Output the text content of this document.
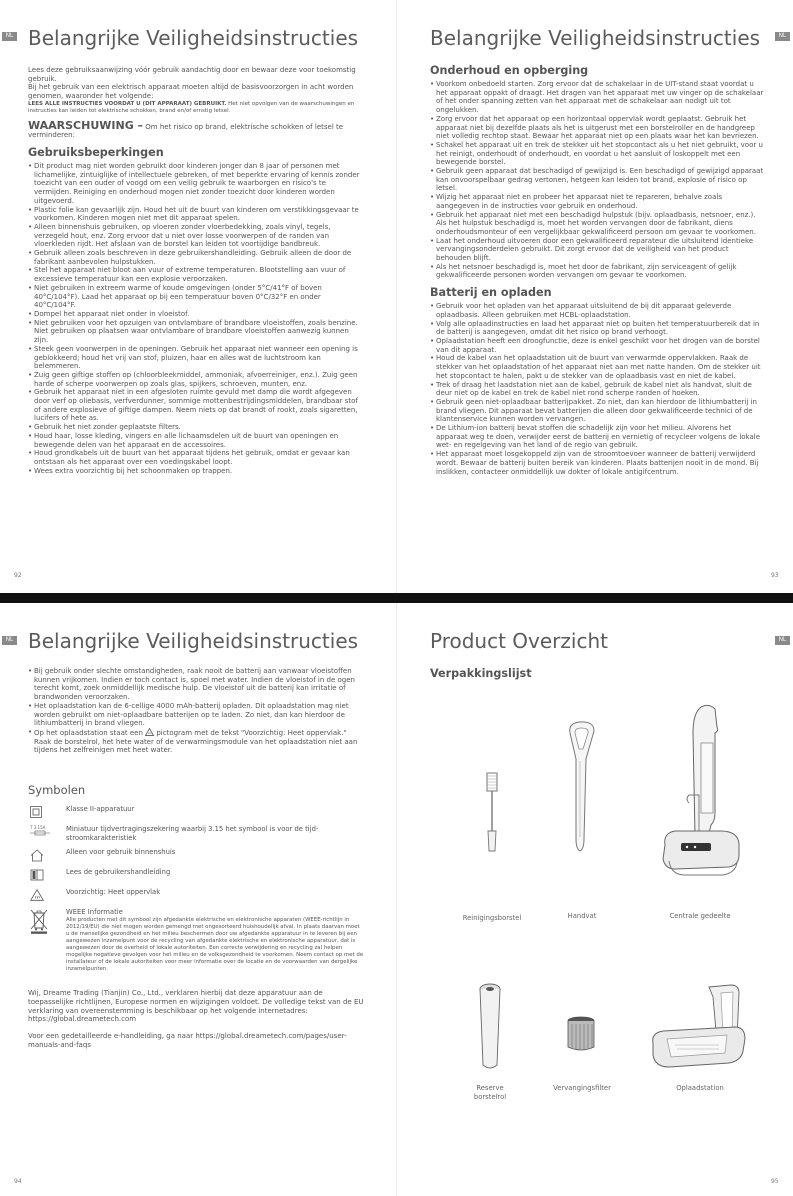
NL Belangrijke Veiligheidsinstructies

Lees deze gebruiksaanwijzing vóór gebruik aandachtig door en bewaar deze voor toekomstig gebruik.

Bij het gebruik van een elektrisch apparaat moeten altijd de basisvoorzorgen in acht worden genomen, waaronder het volgende:

LEES ALLE INSTRUCTIES VOORDAT U (DIT APPARAAT) GEBRUIKT. Het niet opvolgen van de waarschuwingen en instructies kan leiden tot elektrische schokken, brand en/of ernstig letsel.

WAARSCHUWING – Om het risico op brand, elektrische schokken of letsel te verminderen:

Gebruiksbeperkingen

• Dit product mag niet worden gebruikt door kinderen jonger dan 8 jaar of personen met lichamelijke, zintuiglijke of intellectuele gebreken, of met beperkte ervaring of kennis zonder toezicht van een ouder of voogd om een veilig gebruik te waarborgen en risico's te vermijden. Reiniging en onderhoud mogen niet zonder toezicht door kinderen worden uitgevoerd.
• Plastic folie kan gevaarlijk zijn. Houd het uit de buurt van kinderen om verstikkingsgevaar te voorkomen. Kinderen mogen niet met dit apparaat spelen.
• Alleen binnenshuis gebruiken, op vloeren zonder vloerbedekking, zoals vinyl, tegels, verzegeld hout, enz. Zorg ervoor dat u niet over losse voorwerpen of de randen van vloerkleden rijdt. Het afslaan van de borstel kan leiden tot voortijdige bandbreuk.
• Gebruik alleen zoals beschreven in deze gebruikershandleiding. Gebruik alleen de door de fabrikant aanbevolen hulpstukken.
• Stel het apparaat niet bloot aan vuur of extreme temperaturen. Blootstelling aan vuur of excessieve temperatuur kan een explosie veroorzaken.
• Niet gebruiken in extreem warme of koude omgevingen (onder 5°C/41°F of boven 40°C/104°F). Laad het apparaat op bij een temperatuur boven 0°C/32°F en onder 40°C/104°F.
• Dompel het apparaat niet onder in vloeistof.
• Niet gebruiken voor het opzuigen van ontvlambare of brandbare vloeistoffen, zoals benzine. Niet gebruiken op plaatsen waar ontvlambare of brandbare vloeistoffen aanwezig kunnen zijn.
• Steek geen voorwerpen in de openingen. Gebruik het apparaat niet wanneer een opening is geblokkeerd; houd het vrij van stof, pluizen, haar en alles wat de luchtstroom kan belemmeren.
• Zuig geen giftige stoffen op (chloorbleekmiddel, ammoniak, afvoerreiniger, enz.). Zuig geen harde of scherpe voorwerpen op zoals glas, spijkers, schroeven, munten, enz.
• Gebruik het apparaat niet in een afgesloten ruimte gevuld met damp die wordt afgegeven door verf op oliebasis, verfverdunner, sommige mottenbestrijdingsmiddelen, brandbaar stof of andere explosieve of giftige dampen. Neem niets op dat brandt of rookt, zoals sigaretten, lucifers of hete as.
• Gebruik het niet zonder geplaatste filters.
• Houd haar, losse kleding, vingers en alle lichaamsdelen uit de buurt van openingen en bewegende delen van het apparaat en de accessoires.
• Houd grondkabels uit de buurt van het apparaat tijdens het gebruik, omdat er gevaar kan ontstaan als het apparaat over een voedingskabel loopt.
• Wees extra voorzichtig bij het schoonmaken op trappen.
92
NL
Belangrijke Veiligheidsinstructies

Onderhoud en opberging

• Voorkom onbedoeld starten. Zorg ervoor dat de schakelaar in de UIT-stand staat voordat u het apparaat oppakt of draagt. Het dragen van het apparaat met uw vinger op de schakelaar of het onder spanning zetten van het apparaat met de schakelaar aan nodigt uit tot ongelukken.
• Zorg ervoor dat het apparaat op een horizontaal oppervlak wordt geplaatst. Gebruik het apparaat niet bij dezelfde plaats als het is uitgerust met een borstelroller en de handgreep niet volledig rechtop staat. Bewaar het apparaat niet op een plaats waar het kan bevriezen.
• Schakel het apparaat uit en trek de stekker uit het stopcontact als u het niet gebruikt, voor u het reinigt, onderhoudt of onderhoudt, en voordat u het aansluit of loskoppelt met een bewegende borstel.
• Gebruik geen apparaat dat beschadigd of gewijzigd is. Een beschadigd of gewijzigd apparaat kan onvoorspelbaar gedrag vertonen, hetgeen kan leiden tot brand, explosie of risico op letsel.
• Wijzig het apparaat niet en probeer het apparaat niet te repareren, behalve zoals aangegeven in de instructies voor gebruik en onderhoud.
• Gebruik het apparaat niet met een beschadigd hulpstuk (bijv. oplaadbasis, netsnoer, enz.). Als het hulpstuk beschadigd is, moet het worden vervangen door de fabrikant, diens onderhoudsmonteur of een vergelijkbaar gekwalificeerd persoon om gevaar te voorkomen.
• Laat het onderhoud uitvoeren door een gekwalificeerd reparateur die uitsluitend identieke vervangingsonderdelen gebruikt. Dit zorgt ervoor dat de veiligheid van het product behouden blijft.
• Als het netsnoer beschadigd is, moet het door de fabrikant, zijn serviceagent of gelijk gekwalificeerde personen worden vervangen om gevaar te voorkomen.

Batterij en opladen

• Gebruik voor het opladen van het apparaat uitsluitend de bij dit apparaat geleverde oplaadbasis. Alleen gebruiken met HCBL-oplaadstation.
• Volg alle oplaadinstructies en laad het apparaat niet op buiten het temperatuurbereik dat in de batterij is aangegeven, omdat dit het risico op brand verhoogt.
• Oplaadstation heeft een droogfunctie, deze is enkel geschikt voor het drogen van de borstel van dit apparaat.
• Houd de kabel van het oplaadstation uit de buurt van verwarmde oppervlakken. Raak de stekker van het oplaadstation of het apparaat niet aan met natte handen. Om de stekker uit het stopcontact te halen, pakt u de stekker van de oplaadbasis vast en niet de kabel.
• Trek of draag het laadstation niet aan de kabel, gebruik de kabel niet als handvat, sluit de deur niet op de kabel en trek de kabel niet rond scherpe randen of hoeken.
• Gebruik geen niet-oplaadbaar batterijpakket. Zo niet, dan kan hierdoor de lithiumbatterij in brand vliegen. Dit apparaat bevat batterijen die alleen door gekwalificeerde technici of de klantenservice kunnen worden vervangen.
• De Lithium-ion batterij bevat stoffen die schadelijk zijn voor het milieu. Alvorens het apparaat weg te doen, verwijder eerst de batterij en vernietig of recycleer volgens de lokale wet- en regelgeving van het land of de regio van gebruik.
• Het apparaat moet losgekoppeld zijn van de stroomtoevoer wanneer de batterij verwijderd wordt. Bewaar de batterij buiten bereik van kinderen. Plaats batterijen nooit in de mond. Bij inslikken, contacteer onmiddellijk uw dokter of lokale antigifcentrum.
93
NL Belangrijke Veiligheidsinstructies
• Bij gebruik onder slechte omstandigheden, raak nooit de batterij aan vanwaar vloeistoffen kunnen vrijkomen. Indien er toch contact is, spoel met water. Indien de vloeistof in de ogen terecht komt, zoek onmiddellijk medische hulp. De vloeistof uit de batterij kan irritatie of brandwonden veroorzaken.
• Het oplaadstation kan de 6-cellige 4000 mAh-batterij opladen. Dit oplaadstation mag niet worden gebruikt om niet-oplaadbare batterijen op te laden. Zo niet, dan kan hierdoor de lithiumbatterij in brand vliegen.
• Op het oplaadstation staat een  pictogram met de tekst "Voorzichtig: Heet oppervlak." Raak de borstelrol, het hete water of de verwarmingsmodule van het oplaadstation niet aan tijdens het zelfreinigen met heet water.

Symbolen

Klasse II-apparatuur
T 3.15A	Miniatuur tijdvertragingszekering waarbij 3.15 het symbool is voor de tijd-stroomkarakteristiek
Alleen voor gebruik binnenshuis
Lees de gebruikershandleiding
Voorzichtig: Heet oppervlak
WEEE Informatie
Alle producten met dit symbool zijn afgedankte elektrische en elektronische apparaten (WEEE-richtlijn in 2012/19/EU) die niet mogen worden gemengd met ongesorteerd huishoudelijk afval. In plaats daarvan moet u de menselijke gezondheid en het milieu beschermen door uw afgedankte apparatuur in te leveren bij een aangewezen inzamelpunt voor de recycling van afgedankte elektrische en elektronische apparatuur, dat is aangewezen door de overheid of lokale autoriteiten. Een correcte verwijdering en recycling zal helpen mogelijke negatieve gevolgen voor het milieu en de volksgezondheid te voorkomen. Neem contact op met de installateur of de lokale autoriteiten voor meer informatie over de locatie en de voorwaarden van dergelijke inzamelpunten.

Wij, Dreame Trading (Tianjin) Co., Ltd., verklaren hierbij dat deze apparatuur aan de toepasselijke richtlijnen, Europese normen en wijzigingen voldoet. De volledige tekst van de EU verklaring van overeenstemming is beschikbaar op het volgende internetadres: https://global.dreametech.com

Voor een gedetailleerde e-handleiding, ga naar https://global.dreametech.com/pages/user-manuals-and-faqs

94
NL
Product Overzicht
Verpakkingslijst
Reinigingsborstel	Handvat	Centrale gedeelte
Reserve borstelrol
Vervangingsfilter	Oplaadstation
95
